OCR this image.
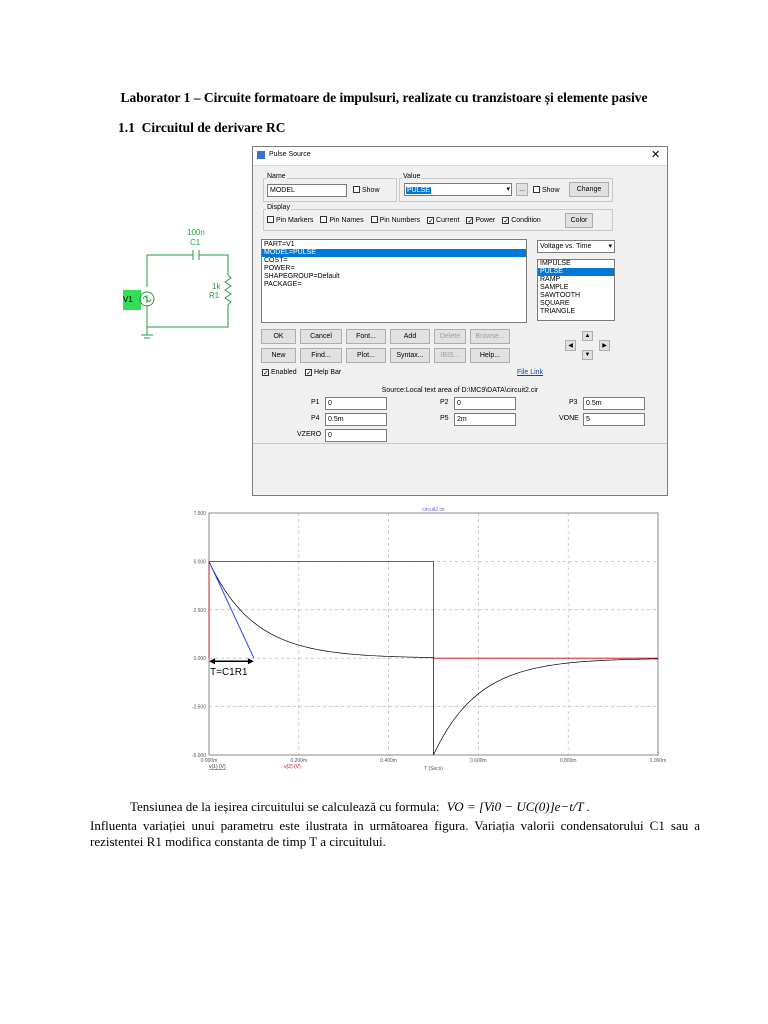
Laborator 1 – Circuite formatoare de impulsuri, realizate cu tranzistoare și elemente pasive
1.1 Circuitul de derivare RC
100n
C1
1k
R1
V1
Pulse Source	✕
Name
MODEL	Show
Value
PULSE	▾	...	Show	Change
Display
Pin Markers Pin Names Pin Numbers ✓ Current ✓ Power ✓ Condition	Color
PART=V1
MODEL=PULSE
COST=
POWER=
SHAPEGROUP=Default
PACKAGE=
Voltage vs. Time ▾
IMPULSE
PULSE
RAMP
SAMPLE
SAWTOOTH
SQUARE
TRIANGLE
OK	Cancel	Font...	Add	Delete	Browse...
New	Find...	Plot...	Syntax...	IBIS...	Help...
▲
▼
◀	▶
✓ Enabled ✓ Help Bar	File Link
Source:Local text area of D:\MC9\DATA\circuit2.cir
P1	0	P2	0	P3	0.5m
P4	0.5m	P5	2m	VONE	5
VZERO 0
7.500
5.000
2.500
0.000
-2.500
-5.000
0.000m	0.200m	0.400m	0.600m	0.800m	1.000m
circuit2.cir
T (Secs)
v(1) (V)	v(2) (V)
T=C1R1
Tensiunea de la ieșirea circuitului se calculează cu formula: VO = [Vi0 − UC(0)]e−t/T .
Influenta variației unui parametru este ilustrata in următoarea figura. Variația valorii condensatorului C1 sau a rezistentei R1 modifica constanta de timp T a circuitului.
